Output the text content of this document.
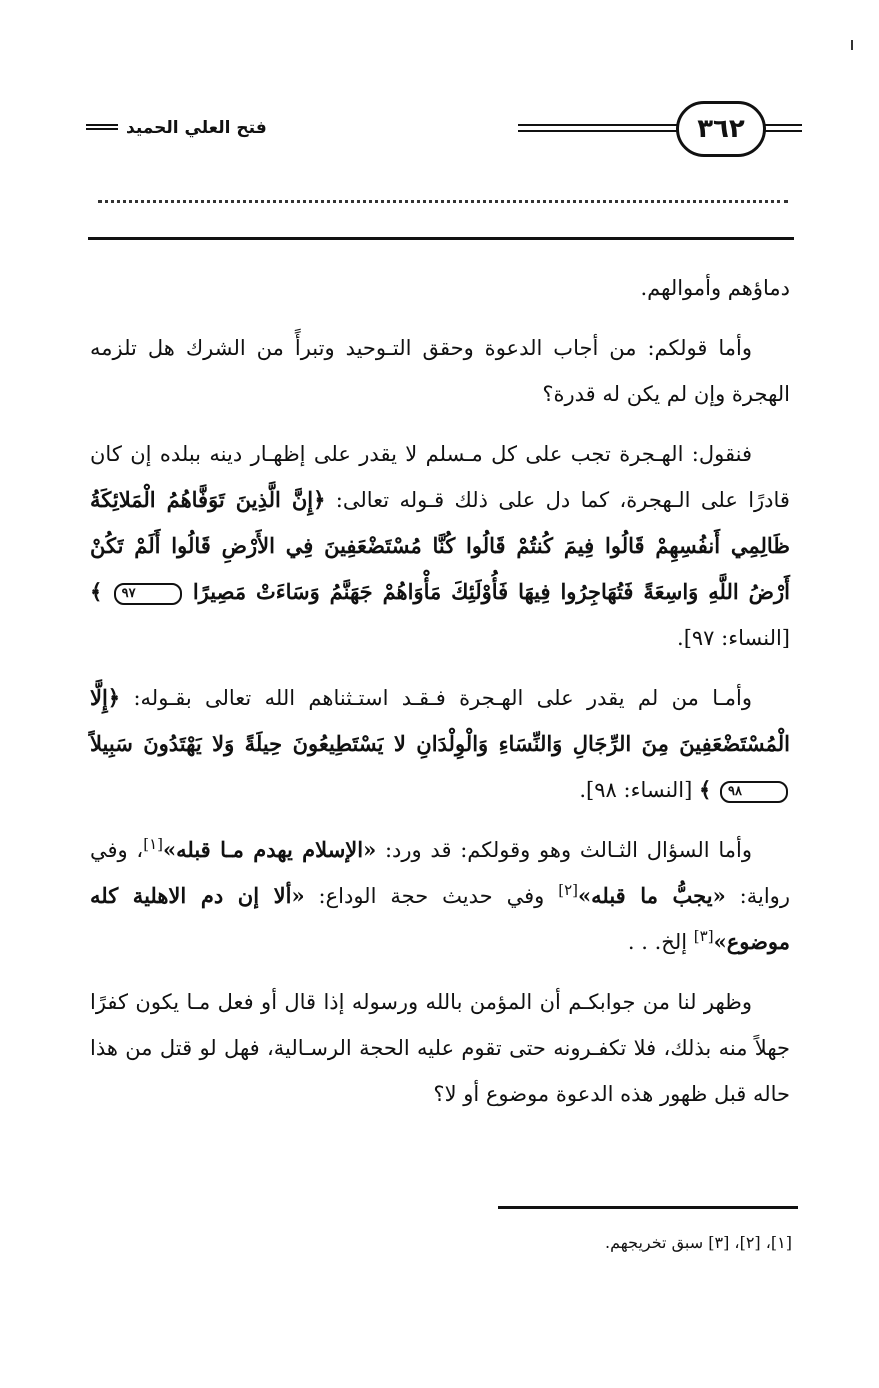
فتح العلي الحميد	٣٦٢

دماؤهم وأموالهم.

وأما قولكم: من أجاب الدعوة وحقق التـوحيد وتبرأً من الشرك هل تلزمه الهجرة وإن لم يكن له قدرة؟

فنقول: الهـجرة تجب على كل مـسلم لا يقدر على إظهـار دينه ببلده إن كان قادرًا على الـهجرة، كما دل على ذلك قـوله تعالى: ﴿إِنَّ الَّذِينَ تَوَفَّاهُمُ الْمَلائِكَةُ ظَالِمِي أَنفُسِهِمْ قَالُوا فِيمَ كُنتُمْ قَالُوا كُنَّا مُسْتَضْعَفِينَ فِي الأَرْضِ قَالُوا أَلَمْ تَكُنْ أَرْضُ اللَّهِ وَاسِعَةً فَتُهَاجِرُوا فِيهَا فَأُوْلَئِكَ مَأْوَاهُمْ جَهَنَّمُ وَسَاءَتْ مَصِيرًا ٩٧ ﴾ [النساء: ٩٧].

وأمـا من لم يقدر على الهـجرة فـقـد استـثناهم الله تعالى بقـوله: ﴿إِلَّا الْمُسْتَضْعَفِينَ مِنَ الرِّجَالِ وَالنِّسَاءِ وَالْوِلْدَانِ لا يَسْتَطِيعُونَ حِيلَةً وَلا يَهْتَدُونَ سَبِيلاً ٩٨ ﴾ [النساء: ٩٨].

وأما السؤال الثـالث وهو وقولكم: قد ورد: «الإسلام يهدم مـا قبله»[١]، وفي رواية: «يجبُّ ما قبله»[٢] وفي حديث حجة الوداع: «ألا إن دم الاهلية كله موضوع»[٣] إلخ. . .

وظهر لنا من جوابكـم أن المؤمن بالله ورسوله إذا قال أو فعل مـا يكون كفرًا جهلاً منه بذلك، فلا تكفـرونه حتى تقوم عليه الحجة الرسـالية، فهل لو قتل من هذا حاله قبل ظهور هذه الدعوة موضوع أو لا؟

[١]، [٢]، [٣] سبق تخريجهم.
